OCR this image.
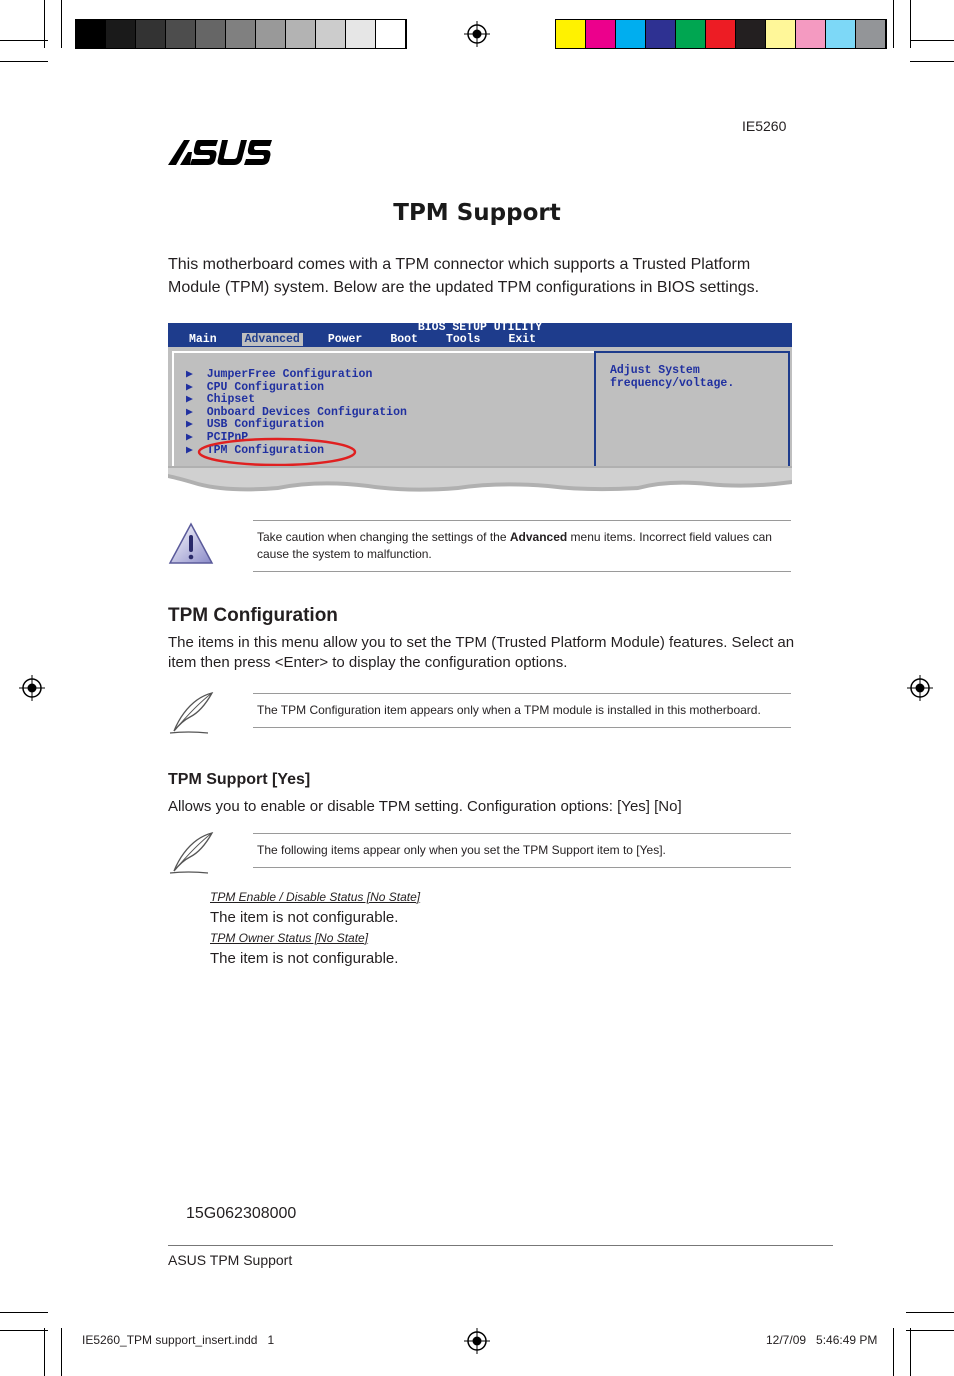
IE5260
TPM Support
This motherboard comes with a TPM connector which supports a Trusted Platform Module (TPM) system. Below are the updated TPM configurations in BIOS settings.
BIOS SETUP UTILITY
Main Advanced Power Boot Tools Exit
▶  JumperFree Configuration
▶  CPU Configuration
▶  Chipset
▶  Onboard Devices Configuration
▶  USB Configuration
▶  PCIPnP
▶  TPM Configuration
Adjust System
frequency/voltage.
Take caution when changing the settings of the Advanced menu items. Incorrect field values can cause the system to malfunction.
TPM Configuration
The items in this menu allow you to set the TPM (Trusted Platform Module) features. Select an item then press <Enter> to display the configuration options.
The TPM Configuration item appears only when a TPM module is installed in this motherboard.
TPM Support [Yes]
Allows you to enable or disable TPM setting. Configuration options: [Yes] [No]
The following items appear only when you set the TPM Support item to [Yes].
TPM Enable / Disable Status [No State]
The item is not configurable.
TPM Owner Status [No State]
The item is not configurable.
15G062308000
ASUS TPM Support
IE5260_TPM support_insert.indd   1	12/7/09   5:46:49 PM
